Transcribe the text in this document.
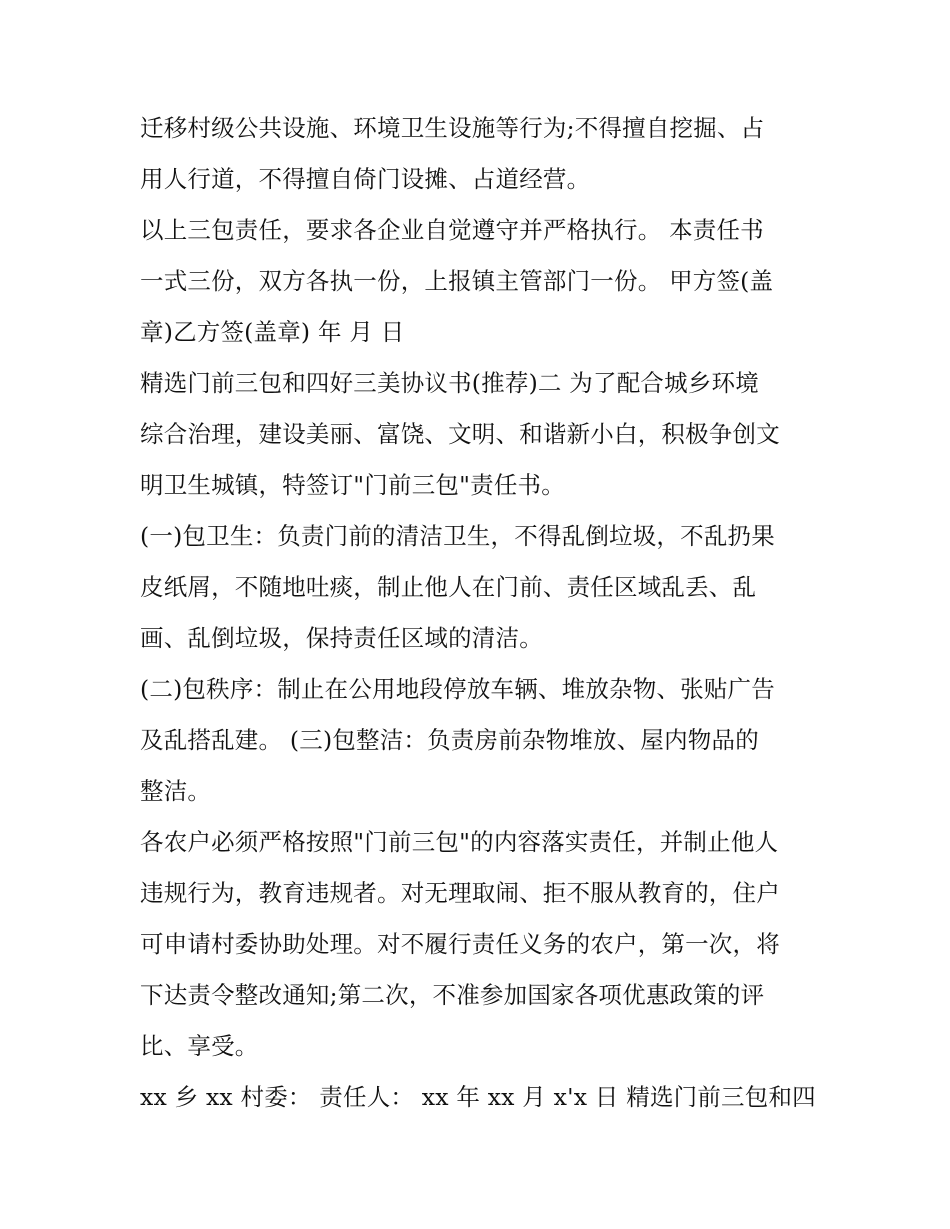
迁移村级公共设施、环境卫生设施等行为;不得擅自挖掘、占
用人行道，不得擅自倚门设摊、占道经营。
以上三包责任，要求各企业自觉遵守并严格执行。 本责任书
一式三份，双方各执一份，上报镇主管部门一份。 甲方签(盖
章)乙方签(盖章) 年 月 日
精选门前三包和四好三美协议书(推荐)二 为了配合城乡环境
综合治理，建设美丽、富饶、文明、和谐新小白，积极争创文
明卫生城镇，特签订"门前三包"责任书。
(一)包卫生：负责门前的清洁卫生，不得乱倒垃圾，不乱扔果
皮纸屑，不随地吐痰，制止他人在门前、责任区域乱丢、乱
画、乱倒垃圾，保持责任区域的清洁。
(二)包秩序：制止在公用地段停放车辆、堆放杂物、张贴广告
及乱搭乱建。 (三)包整洁：负责房前杂物堆放、屋内物品的
整洁。
各农户必须严格按照"门前三包"的内容落实责任，并制止他人
违规行为，教育违规者。对无理取闹、拒不服从教育的，住户
可申请村委协助处理。对不履行责任义务的农户，第一次，将
下达责令整改通知;第二次，不准参加国家各项优惠政策的评
比、享受。
xx 乡 xx 村委： 责任人： xx 年 xx 月 x'x 日 精选门前三包和四
